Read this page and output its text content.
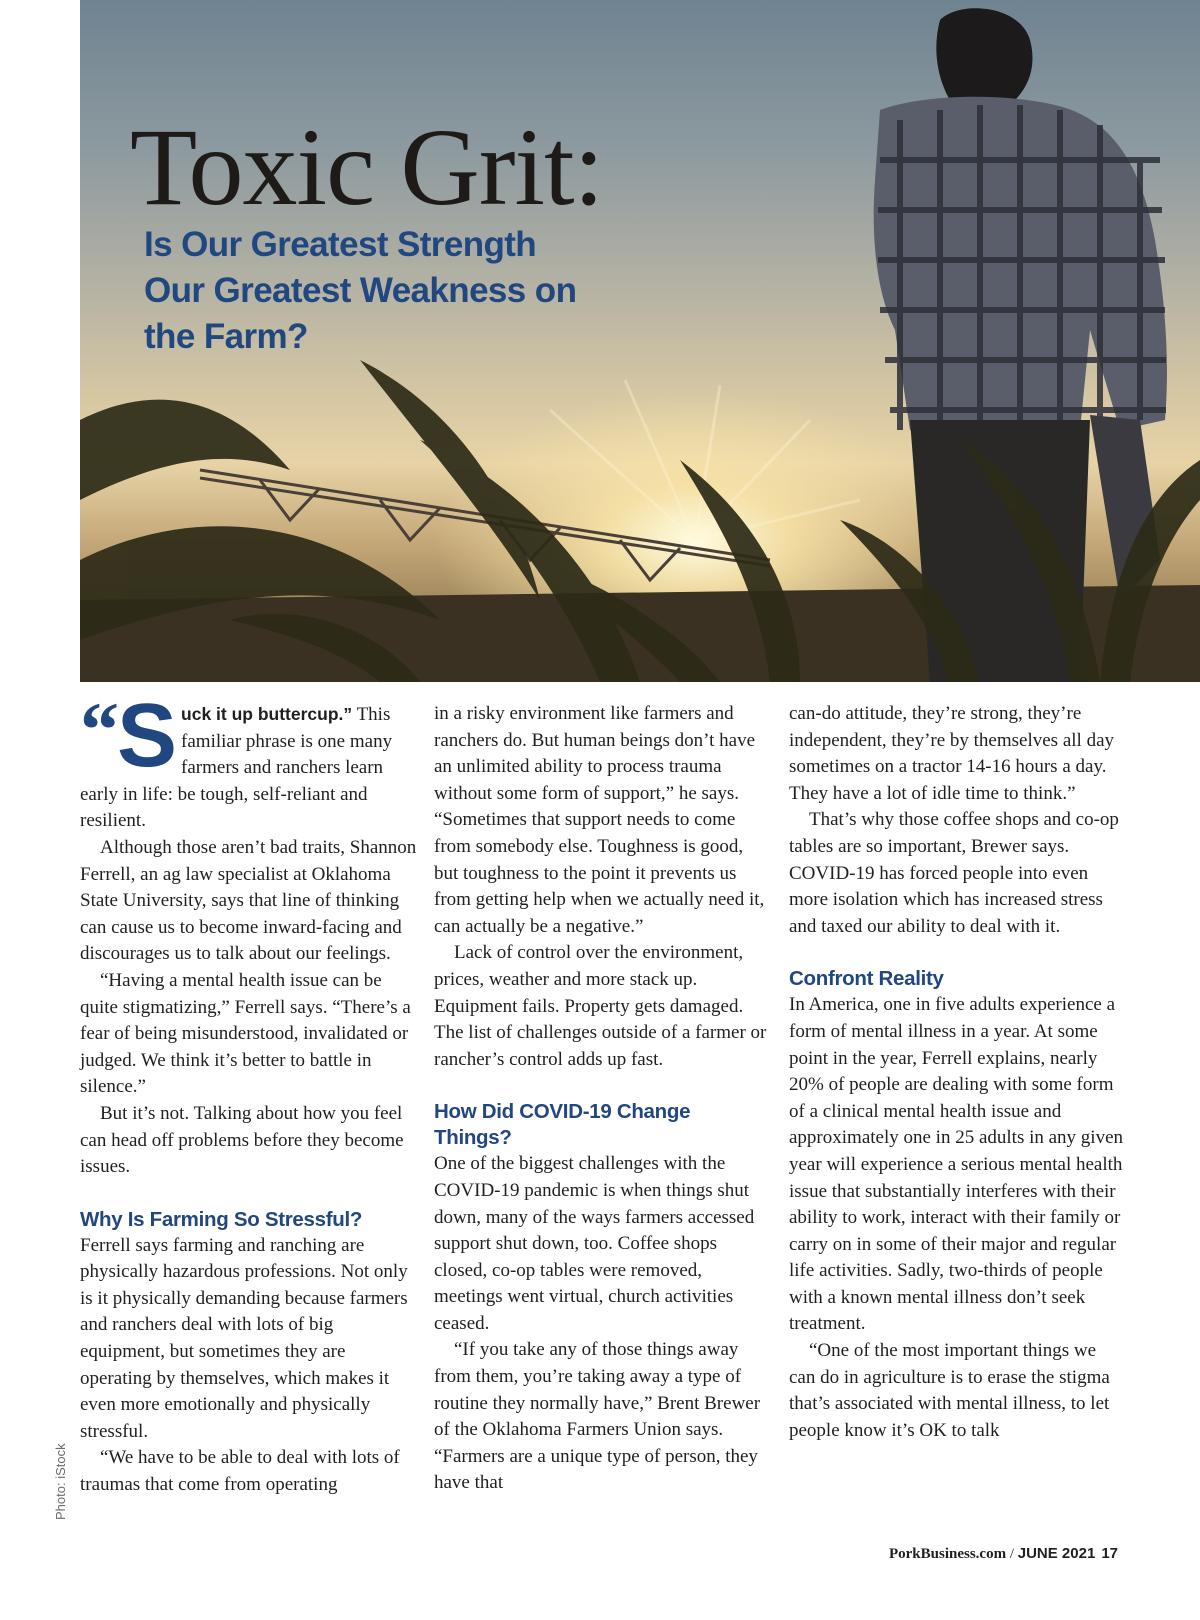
Toxic Grit:
Is Our Greatest Strength Our Greatest Weakness on the Farm?
Photo: iStock

“
S uck it up buttercup.” This familiar phrase is one many farmers and ranchers learn early in life: be tough, self-reliant and resilient.

Although those aren’t bad traits, Shannon Ferrell, an ag law specialist at Oklahoma State University, says that line of thinking can cause us to become inward-facing and discourages us to talk about our feelings.

“Having a mental health issue can be quite stigmatizing,” Ferrell says. “There’s a fear of being misunderstood, invalidated or judged. We think it’s better to battle in silence.”

But it’s not. Talking about how you feel can head off problems before they become issues.

Why Is Farming So Stressful?

Ferrell says farming and ranching are physically hazardous professions. Not only is it physically demanding because farmers and ranchers deal with lots of big equipment, but sometimes they are operating by themselves, which makes it even more emotionally and physically stressful.

“We have to be able to deal with lots of traumas that come from operating

in a risky environment like farmers and ranchers do. But human beings don’t have an unlimited ability to process trauma without some form of support,” he says. “Sometimes that support needs to come from somebody else. Toughness is good, but toughness to the point it prevents us from getting help when we actually need it, can actually be a negative.”

Lack of control over the environment, prices, weather and more stack up. Equipment fails. Property gets damaged. The list of challenges outside of a farmer or rancher’s control adds up fast.

How Did COVID-19 Change Things?

One of the biggest challenges with the COVID-19 pandemic is when things shut down, many of the ways farmers accessed support shut down, too. Coffee shops closed, co-op tables were removed, meetings went virtual, church activities ceased.

“If you take any of those things away from them, you’re taking away a type of routine they normally have,” Brent Brewer of the Oklahoma Farmers Union says. “Farmers are a unique type of person, they have that

can-do attitude, they’re strong, they’re independent, they’re by themselves all day sometimes on a tractor 14-16 hours a day. They have a lot of idle time to think.”

That’s why those coffee shops and co-op tables are so important, Brewer says. COVID-19 has forced people into even more isolation which has increased stress and taxed our ability to deal with it.

Confront Reality

In America, one in five adults experience a form of mental illness in a year. At some point in the year, Ferrell explains, nearly 20% of people are dealing with some form of a clinical mental health issue and approximately one in 25 adults in any given year will experience a serious mental health issue that substantially interferes with their ability to work, interact with their family or carry on in some of their major and regular life activities. Sadly, two-thirds of people with a known mental illness don’t seek treatment.

“One of the most important things we can do in agriculture is to erase the stigma that’s associated with mental illness, to let people know it’s OK to talk

PorkBusiness.com / JUNE 2021 17
